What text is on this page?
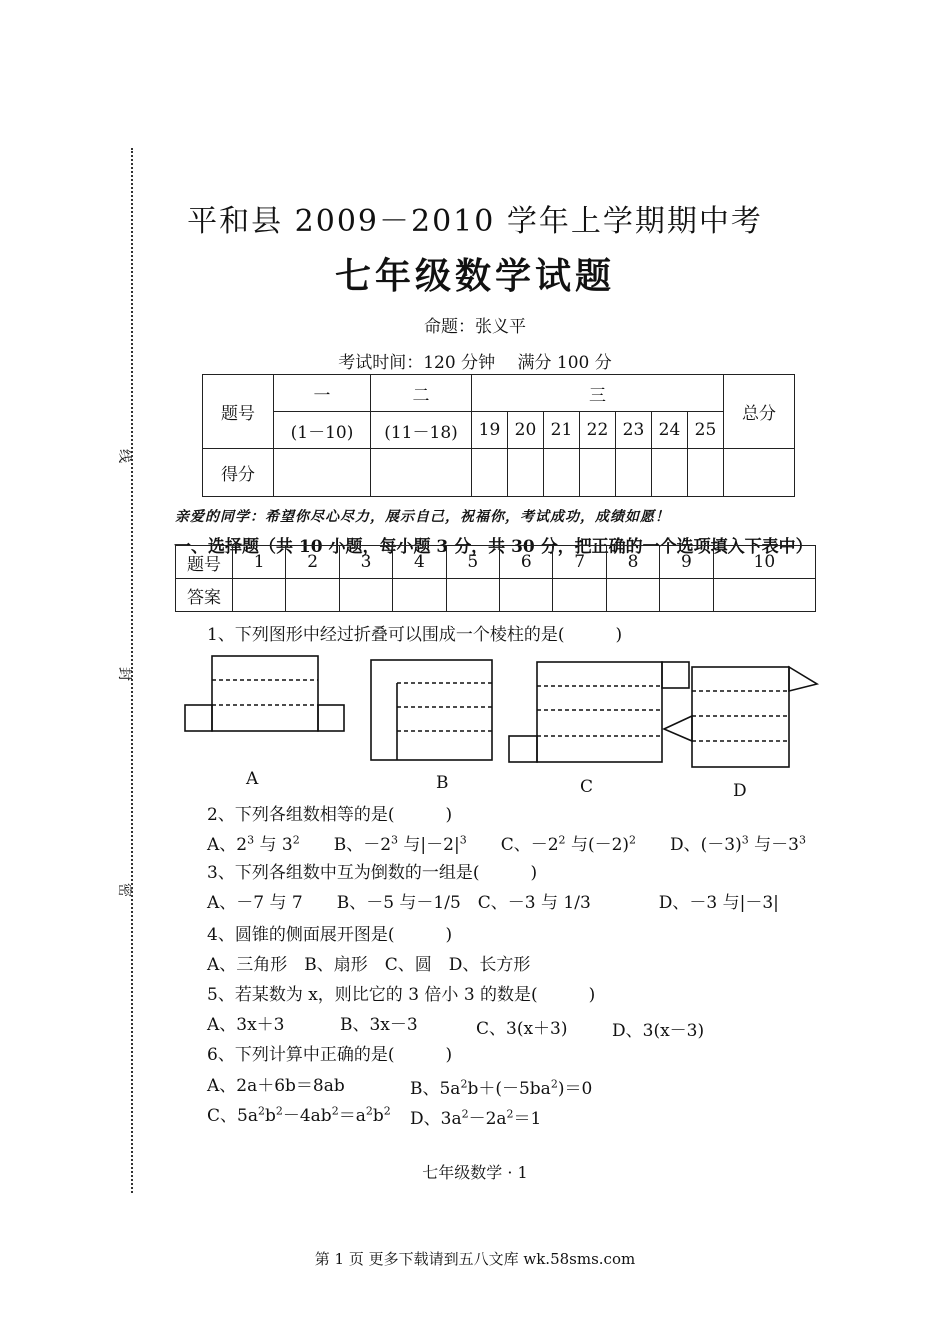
线
封
密
平和县 2009－2010 学年上学期期中考
七年级数学试题
命题：张义平
考试时间：120 分钟　 满分 100 分
题号	一	二	三							总分
	(1－10)	(11－18)	19	20	21	22	23	24	25	
得分										
亲爱的同学：希望你尽心尽力，展示自己，祝福你，考试成功，成绩如愿！
一、选择题（共 10 小题，每小题 3 分，共 30 分，把正确的一个选项填入下表中）
题号	1	2	3	4	5	6	7	8	9	10
答案										
1、下列图形中经过折叠可以围成一个棱柱的是(　　　)
A	B	C	D
2、下列各组数相等的是(　　　)
A、$2^3$ 与 $3^2$　　B、$-2^3$ 与$|-2|^3$　　C、$-2^2$ 与$(-2)^2$　　D、$(-3)^3$ 与$-3^3$
3、下列各组数中互为倒数的一组是(　　　)
A、－7 与 7　　B、－5 与－1/5　C、－3 与 1/3　　　　D、－3 与|－3|
4、圆锥的侧面展开图是(　　　)
A、三角形　B、扇形　C、圆　D、长方形
5、若某数为 x，则比它的 3 倍小 3 的数是(　　　)
A、3x＋3	B、3x－3	C、3(x＋3)	D、3(x－3)
6、下列计算中正确的是(　　　)
A、2a＋6b＝8ab	B、$5a^2b+(-5ba^2)=0$
C、$5a^2b^2-4ab^2=a^2b^2$ D、$3a^2-2a^2=1$
七年级数学 · 1
第 1 页 更多下载请到五八文库 wk.58sms.com
